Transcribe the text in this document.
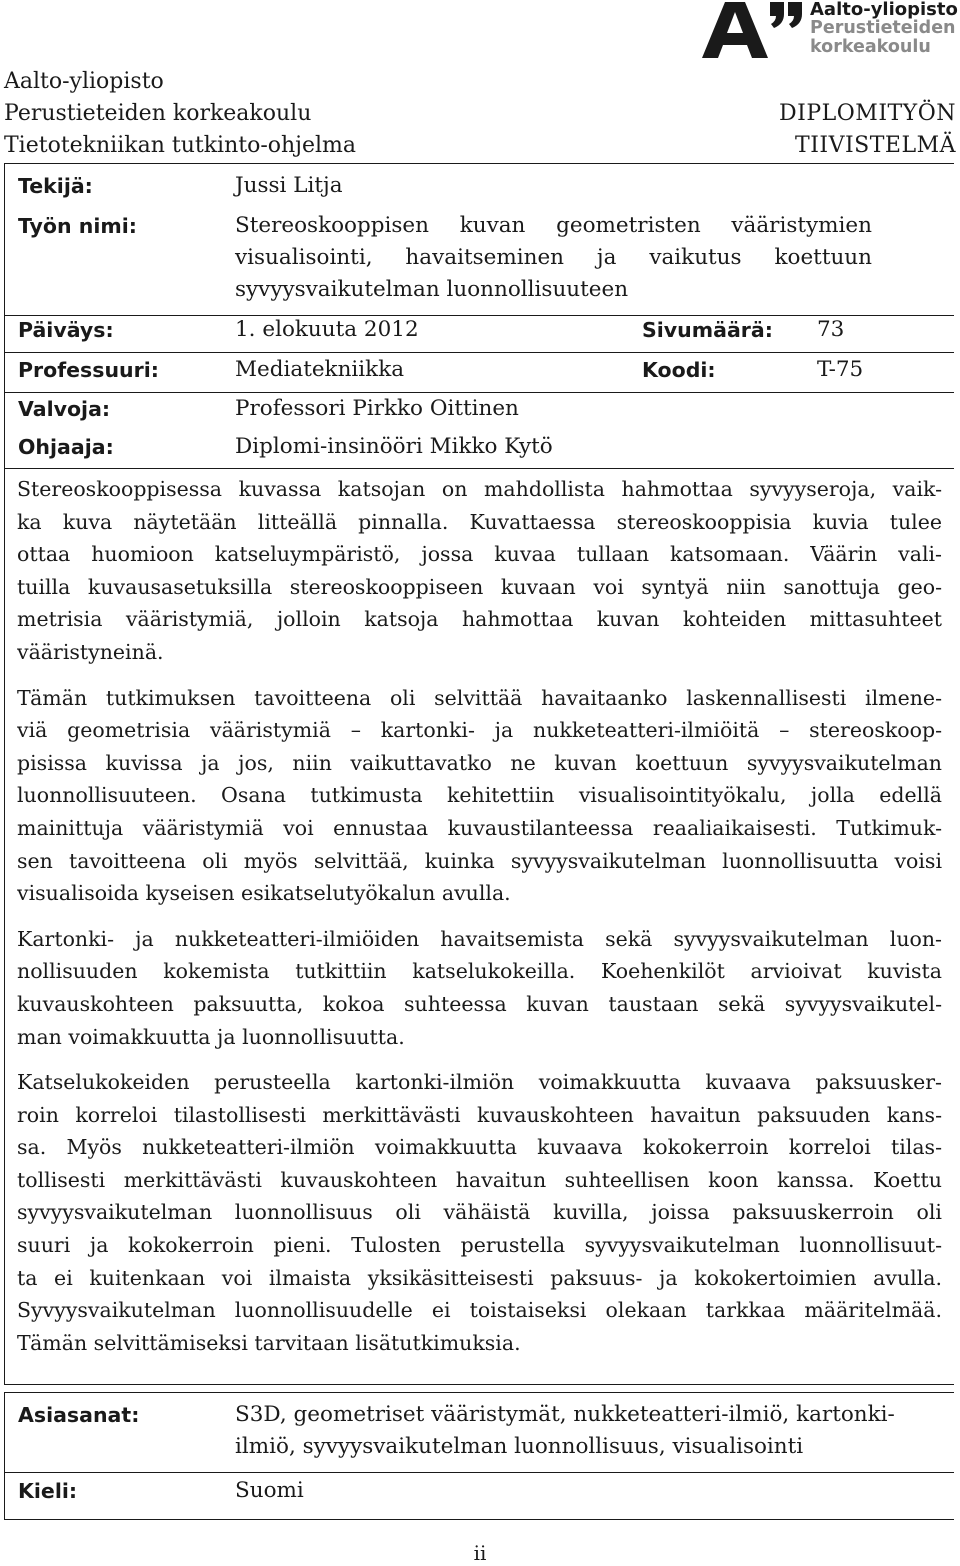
Aalto-yliopisto
Perustieteiden
korkeakoulu
Aalto-yliopisto
Perustieteiden korkeakoulu
Tietotekniikan tutkinto-ohjelma
DIPLOMITYÖN
TIIVISTELMÄ
Tekijä:	Jussi Litja
Työn nimi:	Stereoskooppisen kuvan geometristen vääristymien
visualisointi, havaitseminen ja vaikutus koettuun
syvyysvaikutelman luonnollisuuteen
Päiväys:	1. elokuuta 2012	Sivumäärä: 73
Professuuri:	Mediatekniikka	Koodi:	T-75
Valvoja:	Professori Pirkko Oittinen
Ohjaaja:	Diplomi-insinööri Mikko Kytö
Stereoskooppisessa kuvassa katsojan on mahdollista hahmottaa syvyyseroja, vaik-
ka kuva näytetään litteällä pinnalla. Kuvattaessa stereoskooppisia kuvia tulee
ottaa huomioon katseluympäristö, jossa kuvaa tullaan katsomaan. Väärin vali-
tuilla kuvausasetuksilla stereoskooppiseen kuvaan voi syntyä niin sanottuja geo-
metrisia vääristymiä, jolloin katsoja hahmottaa kuvan kohteiden mittasuhteet
vääristyneinä.
Tämän tutkimuksen tavoitteena oli selvittää havaitaanko laskennallisesti ilmene-
viä geometrisia vääristymiä – kartonki- ja nukketeatteri-ilmiöitä – stereoskoop-
pisissa kuvissa ja jos, niin vaikuttavatko ne kuvan koettuun syvyysvaikutelman
luonnollisuuteen. Osana tutkimusta kehitettiin visualisointityökalu, jolla edellä
mainittuja vääristymiä voi ennustaa kuvaustilanteessa reaaliaikaisesti. Tutkimuk-
sen tavoitteena oli myös selvittää, kuinka syvyysvaikutelman luonnollisuutta voisi
visualisoida kyseisen esikatselutyökalun avulla.
Kartonki- ja nukketeatteri-ilmiöiden havaitsemista sekä syvyysvaikutelman luon-
nollisuuden kokemista tutkittiin katselukokeilla. Koehenkilöt arvioivat kuvista
kuvauskohteen paksuutta, kokoa suhteessa kuvan taustaan sekä syvyysvaikutel-
man voimakkuutta ja luonnollisuutta.
Katselukokeiden perusteella kartonki-ilmiön voimakkuutta kuvaava paksuusker-
roin korreloi tilastollisesti merkittävästi kuvauskohteen havaitun paksuuden kans-
sa. Myös nukketeatteri-ilmiön voimakkuutta kuvaava kokokerroin korreloi tilas-
tollisesti merkittävästi kuvauskohteen havaitun suhteellisen koon kanssa. Koettu
syvyysvaikutelman luonnollisuus oli vähäistä kuvilla, joissa paksuuskerroin oli
suuri ja kokokerroin pieni. Tulosten perustella syvyysvaikutelman luonnollisuut-
ta ei kuitenkaan voi ilmaista yksikäsitteisesti paksuus- ja kokokertoimien avulla.
Syvyysvaikutelman luonnollisuudelle ei toistaiseksi olekaan tarkkaa määritelmää.
Tämän selvittämiseksi tarvitaan lisätutkimuksia.
Asiasanat:	S3D, geometriset vääristymät, nukketeatteri-ilmiö, kartonki-
ilmiö, syvyysvaikutelman luonnollisuus, visualisointi
Kieli:	Suomi
ii
